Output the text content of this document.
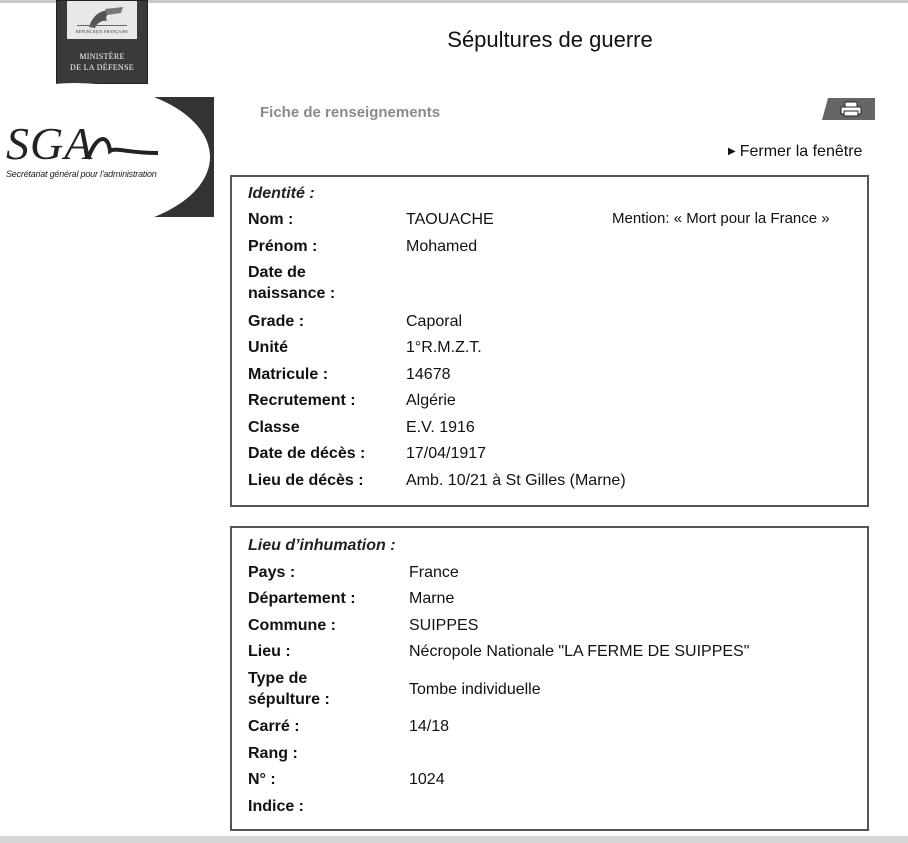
RÉPUBLIQUE FRANÇAISE
MINISTÈRE
DE LA DÉFENSE
SGA
Secrétariat général pour l'administration
Sépultures de guerre
Fiche de renseignements
▶ Fermer la fenêtre
Identité :
Mention: « Mort pour la France »
Nom :	TAOUACHE
Prénom :	Mohamed
Date de
naissance :
Grade :	Caporal
Unité	1°R.M.Z.T.
Matricule :	14678
Recrutement :	Algérie
Classe	E.V. 1916
Date de décès :	17/04/1917
Lieu de décès :	Amb. 10/21 à St Gilles (Marne)
Lieu d’inhumation :
Pays :	France
Département :	Marne
Commune :	SUIPPES
Lieu :	Nécropole Nationale "LA FERME DE SUIPPES"
Type de
sépulture :
Tombe individuelle
Carré :	14/18
Rang :
N° :	1024
Indice :
